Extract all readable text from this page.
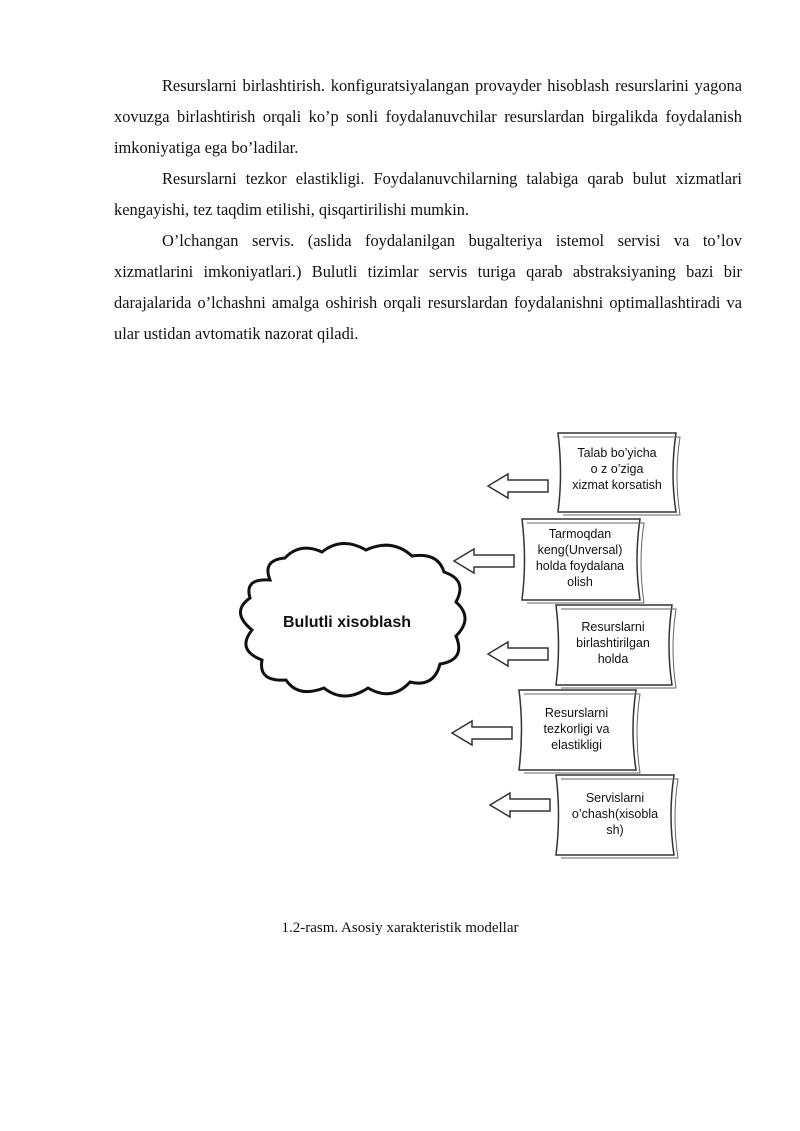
Resurslarni birlashtirish. konfiguratsiyalangan provayder hisoblash resurslarini yagona xovuzga birlashtirish orqali ko’p sonli foydalanuvchilar resurslardan birgalikda foydalanish imkoniyatiga ega bo’ladilar.

Resurslarni tezkor elastikligi. Foydalanuvchilarning talabiga qarab bulut xizmatlari kengayishi, tez taqdim etilishi, qisqartirilishi mumkin.

O’lchangan servis. (aslida foydalanilgan bugalteriya istemol servisi va to’lov xizmatlarini imkoniyatlari.) Bulutli tizimlar servis turiga qarab abstraksiyaning bazi bir darajalarida o’lchashni amalga oshirish orqali resurslardan foydalanishni optimallashtiradi va ular ustidan avtomatik nazorat qiladi.

Bulutli xisoblash
Talab bo’yicha
o z o’ziga
xizmat korsatish
Tarmoqdan
keng(Unversal)
holda foydalana
olish
Resurslarni
birlashtirilgan
holda
Resurslarni
tezkorligi va
elastikligi
Servislarni
o’chash(xisobla
sh)
1.2-rasm. Asosiy xarakteristik modellar
